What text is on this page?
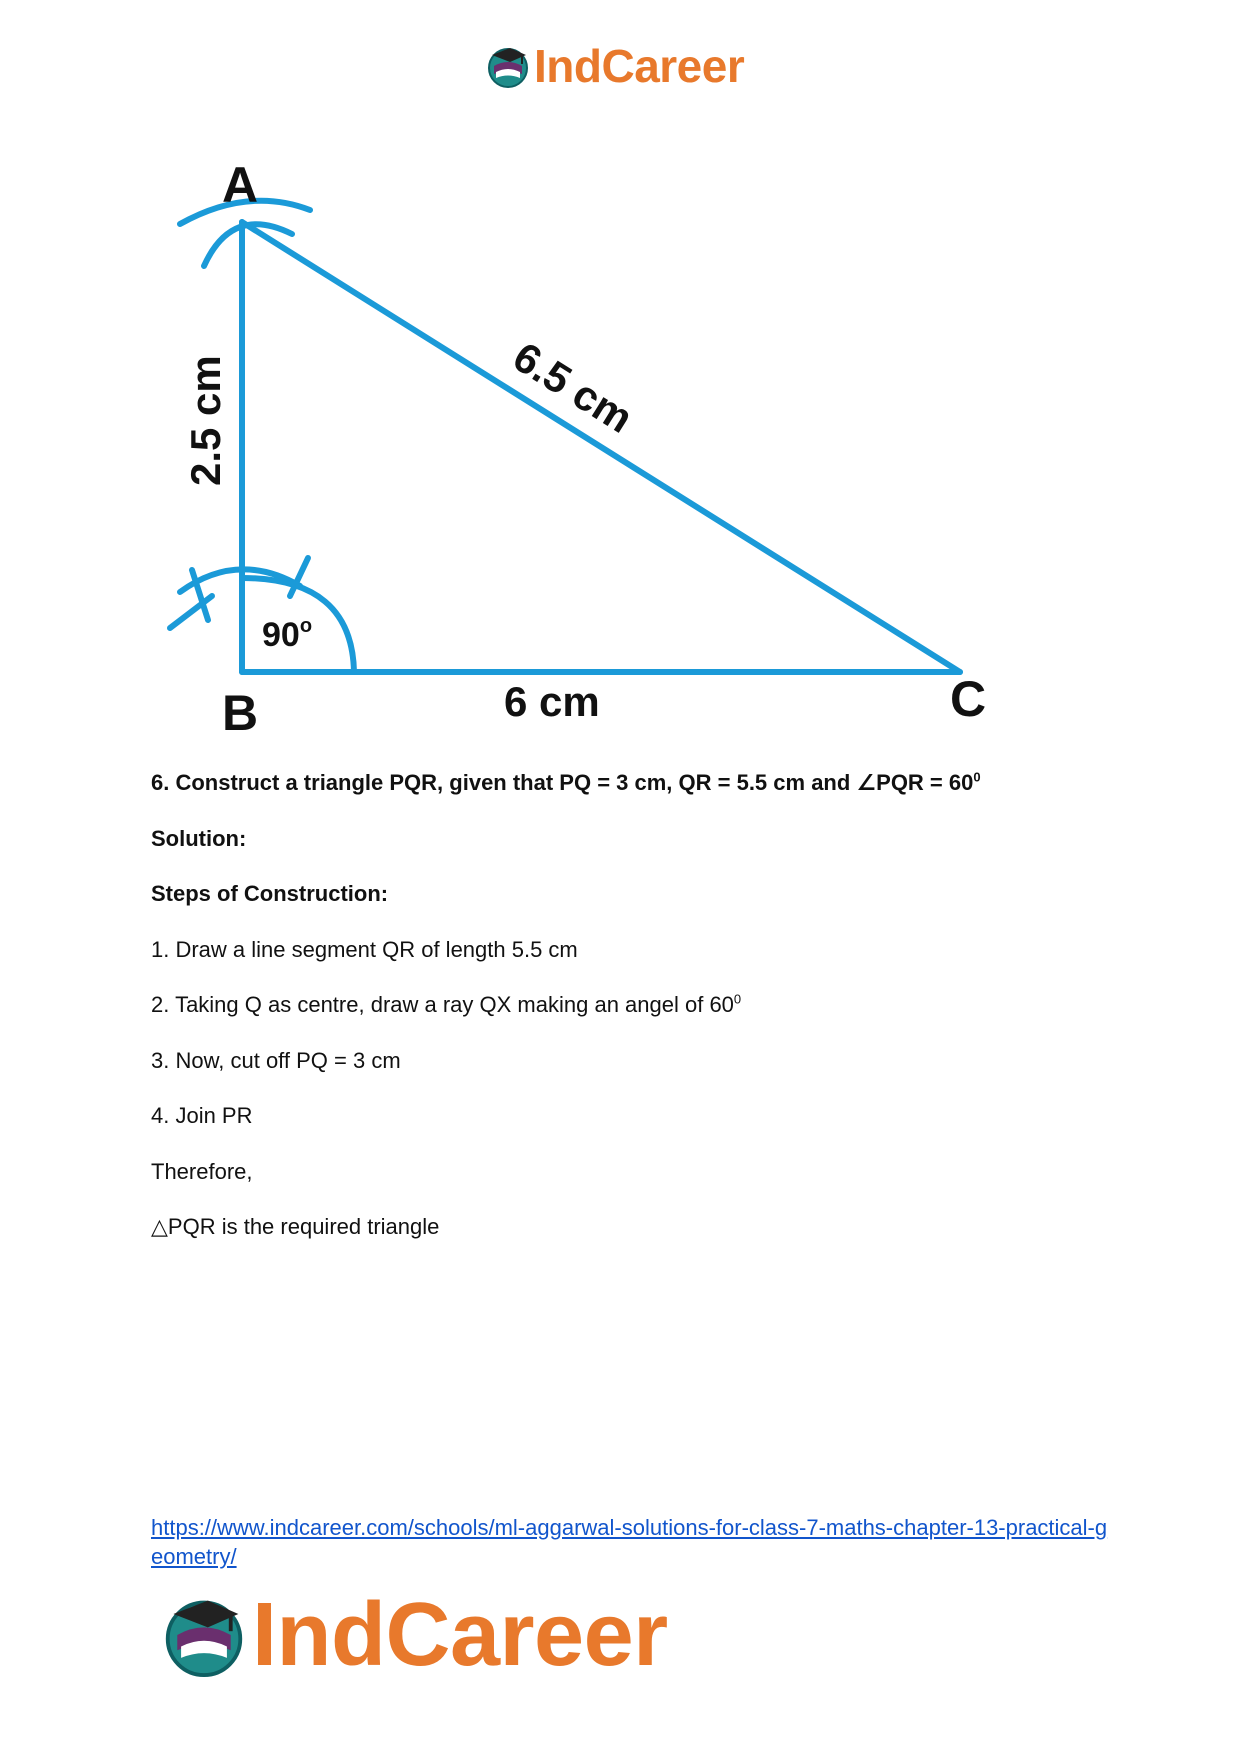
IndCareer
A
B	C
2.5 cm
6 cm
6.5 cm
90$^o$

6. Construct a triangle PQR, given that PQ = 3 cm, QR = 5.5 cm and ∠PQR = $60^0$

Solution:

Steps of Construction:

1. Draw a line segment QR of length 5.5 cm

2. Taking Q as centre, draw a ray QX making an angel of $60^0$

3. Now, cut off PQ = 3 cm

4. Join PR

Therefore,

△PQR is the required triangle

https://www.indcareer.com/schools/ml-aggarwal-solutions-for-class-7-maths-chapter-13-practical-geometry/
IndCareer
